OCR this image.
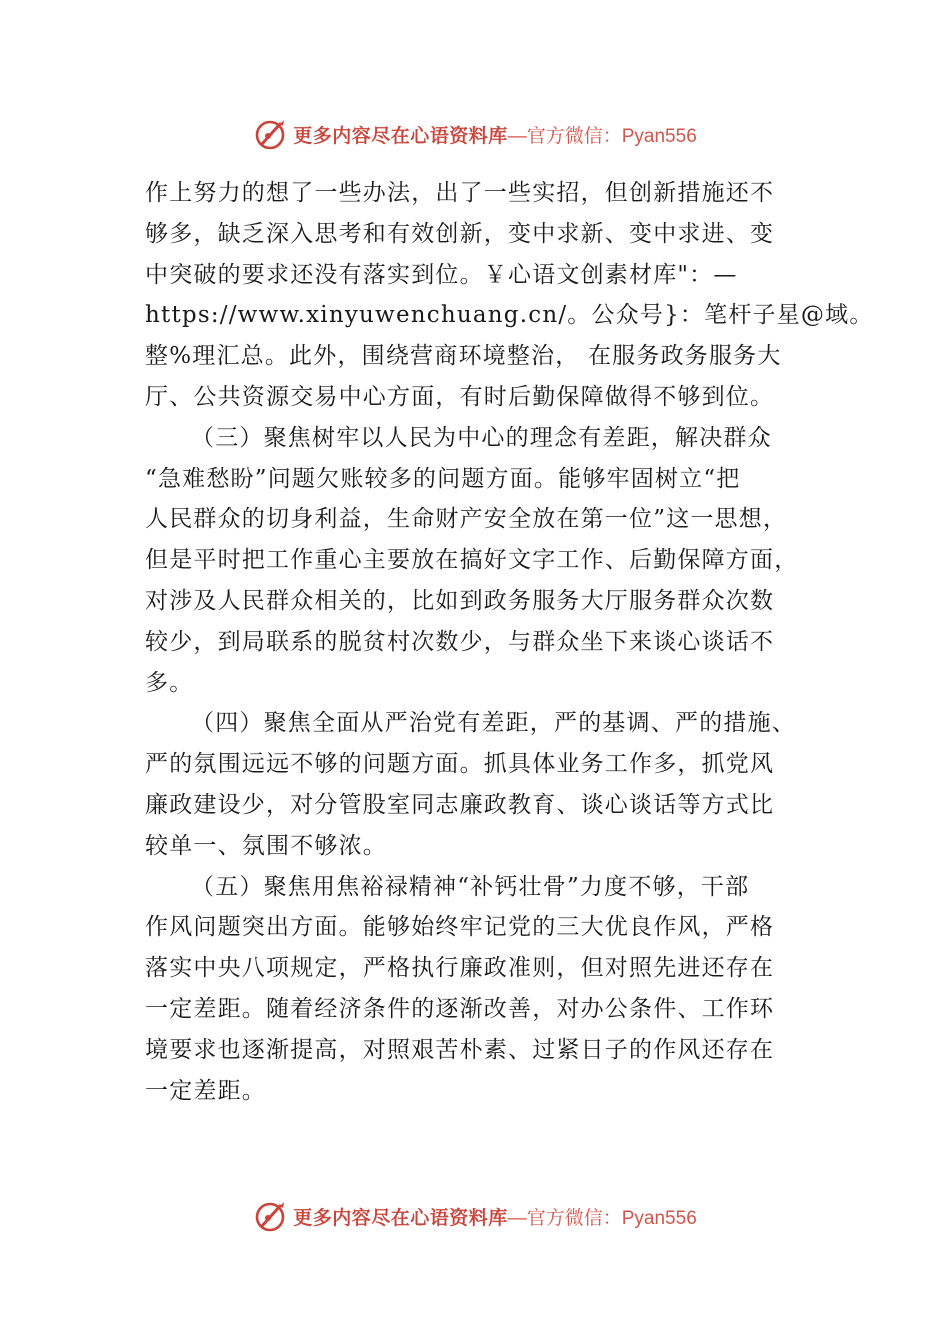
更多内容尽在心语资料库 —官方微信：Pyan556

作上努力的想了一些办法，出了一些实招，但创新措施还不
够多，缺乏深入思考和有效创新，变中求新、变中求进、变
中突破的要求还没有落实到位。￥心语文创素材库"：—
https://www.xinyuwenchuang.cn/。公众号}：笔杆子星@域。
整%理汇总。此外，围绕营商环境整治， 在服务政务服务大
厅、公共资源交易中心方面，有时后勤保障做得不够到位。

（三）聚焦树牢以人民为中心的理念有差距，解决群众
“急难愁盼”问题欠账较多的问题方面。能够牢固树立“把
人民群众的切身利益，生命财产安全放在第一位”这一思想，
但是平时把工作重心主要放在搞好文字工作、后勤保障方面，
对涉及人民群众相关的，比如到政务服务大厅服务群众次数
较少，到局联系的脱贫村次数少，与群众坐下来谈心谈话不
多。

（四）聚焦全面从严治党有差距，严的基调、严的措施、
严的氛围远远不够的问题方面。抓具体业务工作多，抓党风
廉政建设少，对分管股室同志廉政教育、谈心谈话等方式比
较单一、氛围不够浓。

（五）聚焦用焦裕禄精神“补钙壮骨”力度不够，干部
作风问题突出方面。能够始终牢记党的三大优良作风，严格
落实中央八项规定，严格执行廉政准则，但对照先进还存在
一定差距。随着经济条件的逐渐改善，对办公条件、工作环
境要求也逐渐提高，对照艰苦朴素、过紧日子的作风还存在
一定差距。

更多内容尽在心语资料库 —官方微信：Pyan556
